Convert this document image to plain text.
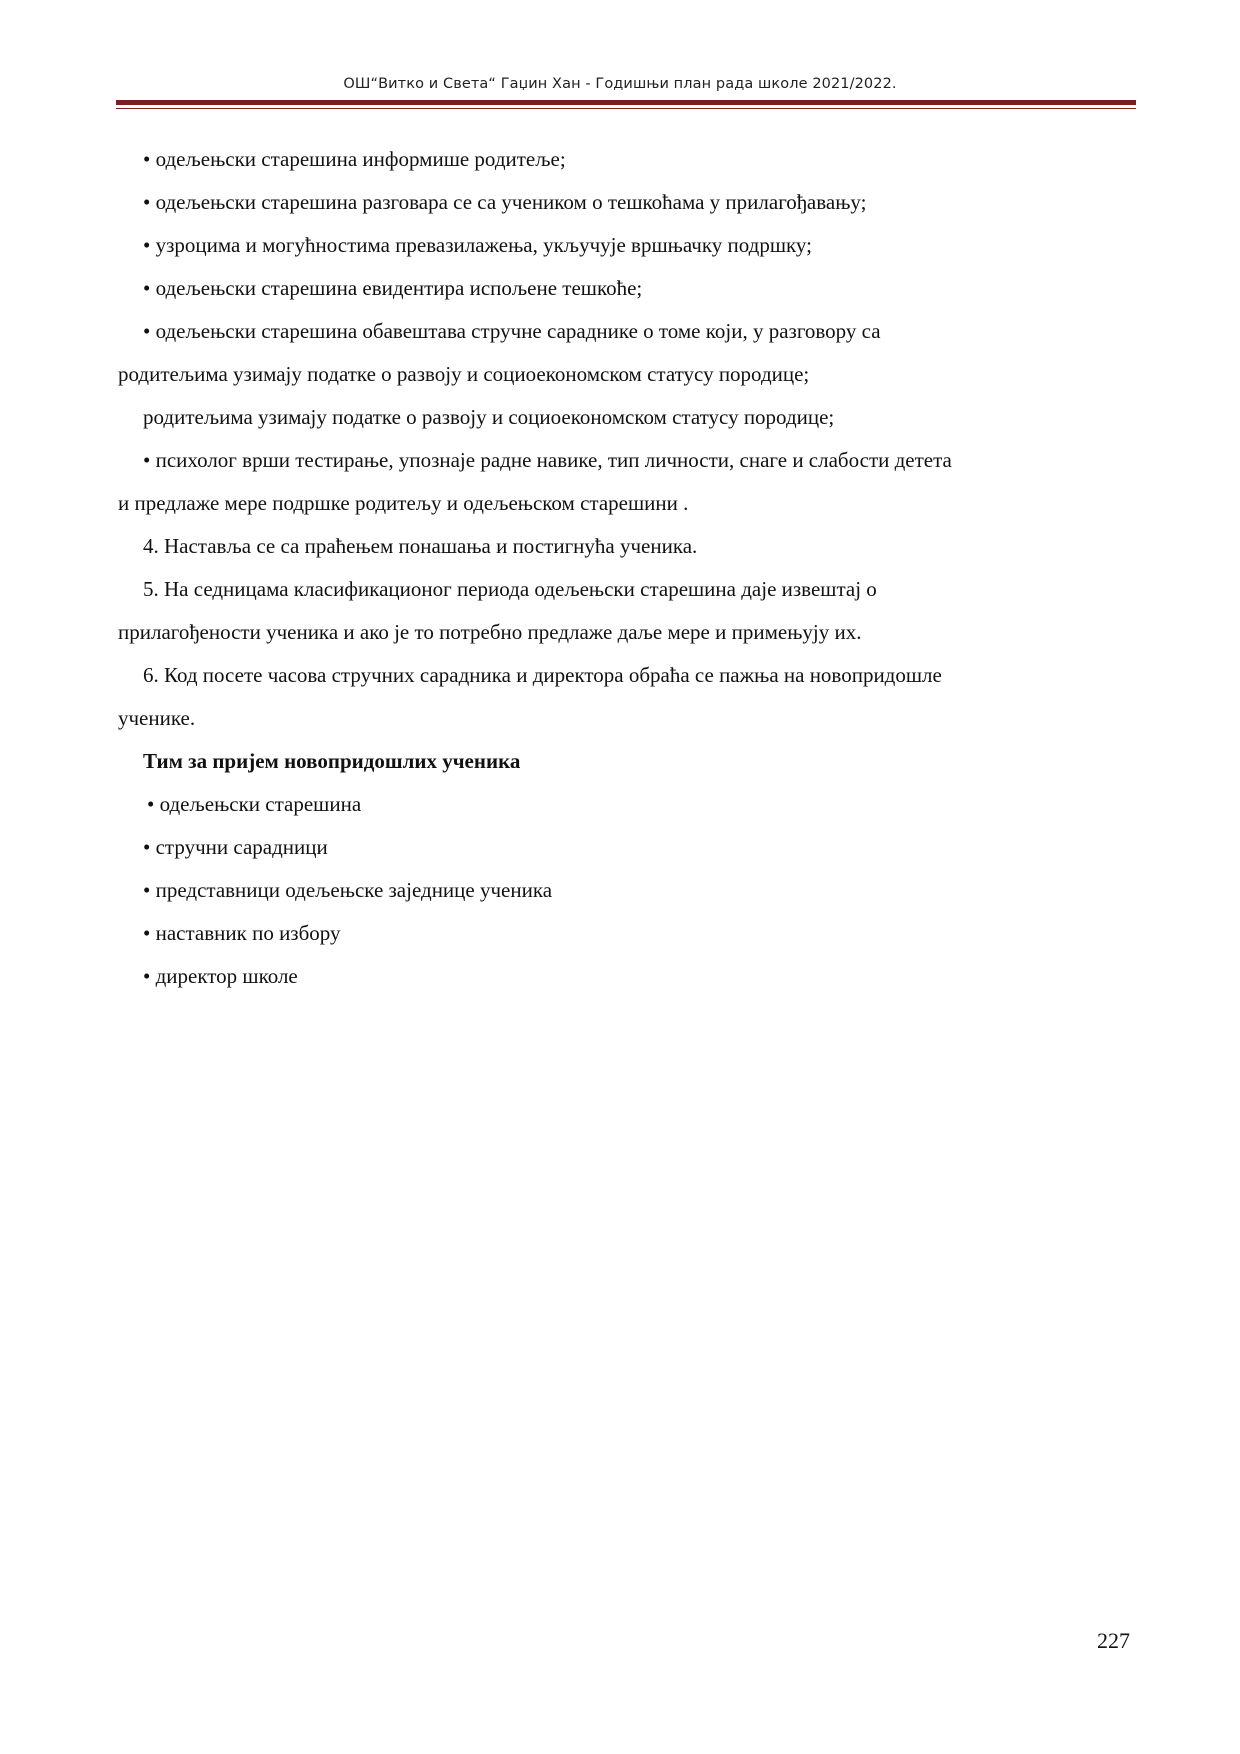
ОШ“Витко и Света“ Гаџин Хан - Годишњи план рада школе 2021/2022.
• одељењски старешина информише родитеље;
• одељењски старешина разговара се са учеником о тешкоћама у прилагођавању;
• узроцима и могућностима превазилажења, укључује вршњачку подршку;
• одељењски старешина евидентира испољене тешкоће;
• одељењски старешина обавештава стручне сараднике о томе који, у разговору са
родитељима узимају податке о развоју и социоекономском статусу породице;
родитељима узимају податке о развоју и социоекономском статусу породице;
• психолог врши тестирање, упознаје радне навике, тип личности, снаге и слабости детета
и предлаже мере подршке родитељу и одељењском старешини .
4. Наставља се са праћењем понашања и постигнућа ученика.
5. На седницама класификационог периода одељењски старешина даје извештај о
прилагођености ученика и ако је то потребно предлаже даље мере и примењују их.
6. Код посете часова стручних сарадника и директора обраћа се пажња на новопридошле
ученике.
Тим за пријем новопридошлих ученика
• одељењски старешина
• стручни сарадници
• представници одељењске заједнице ученика
• наставник по избору
• директор школе
227
